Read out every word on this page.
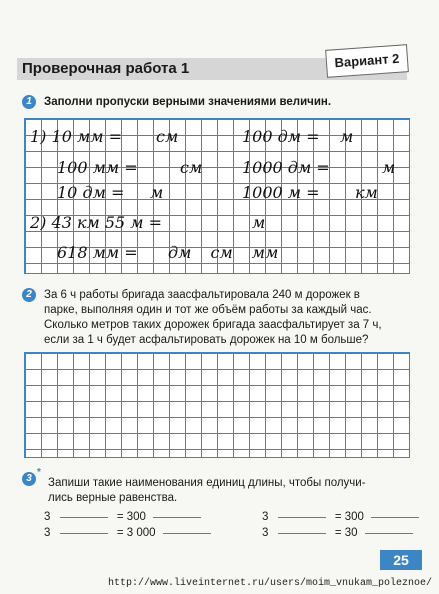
Проверочная работа 1	Вариант 2
1	Заполни пропуски верными значениями величин.
1) 10 мм = см	100 дм = м
100 мм =	см 1000 дм =	м
10 дм = м	1000 м = км
2) 43 км 55 м =	м
618 мм = дм см мм
2	За 6 ч работы бригада заасфальтировала 240 м дорожек в
парке, выполняя один и тот же объём работы за каждый час.
Сколько метров таких дорожек бригада заасфальтирует за 7 ч,
если за 1 ч будет асфальтировать дорожек на 10 м больше?
3
*
Запиши такие наименования единиц длины, чтобы получи-
лись верные равенства.
3	= 300	3	= 300
3	= 3 000	3	= 30
25
http://www.liveinternet.ru/users/moim_vnukam_poleznoe/
